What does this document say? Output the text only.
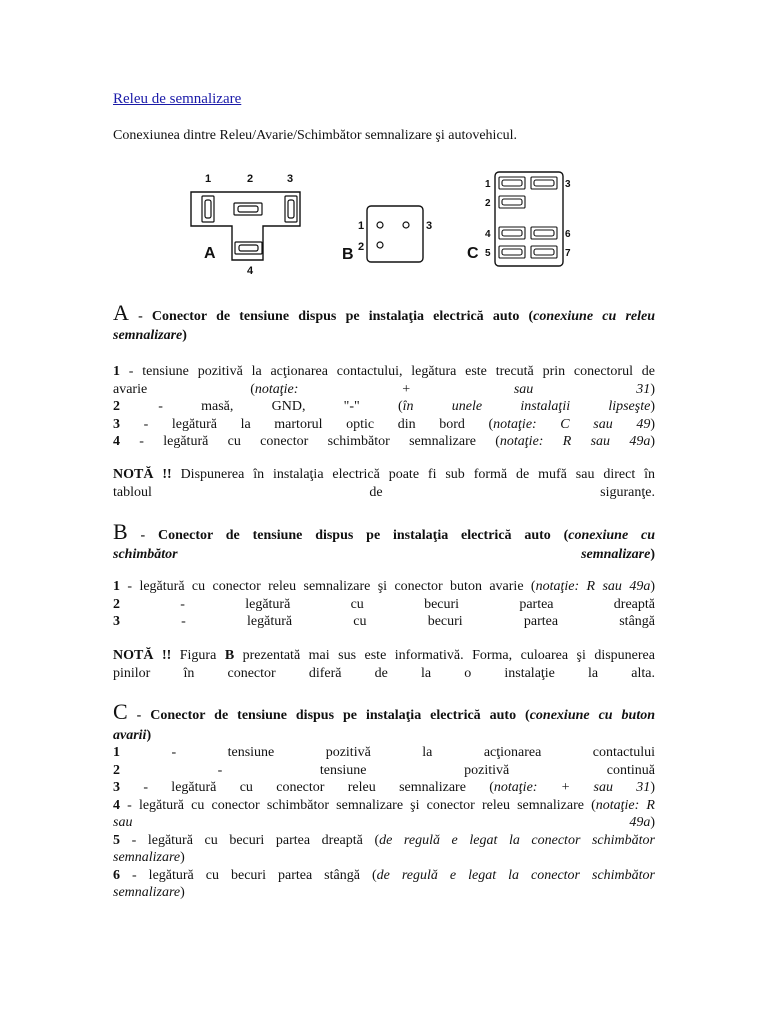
Releu de semnalizare
Conexiunea dintre Releu/Avarie/Schimbător semnalizare şi autovehicul.
1	2	3
4
A
1
2
3
B
1
2
3
4
5
6
7
C
A - Conector de tensiune dispus pe instalaţia electrică auto (conexiune cu releu
semnalizare)
1 - tensiune pozitivă la acţionarea contactului, legătura este trecută prin conectorul de
avarie (notaţie: + sau 31)
2 - masă, GND, "-" (în unele instalaţii lipseşte)
3 - legătură la martorul optic din bord (notaţie: C sau 49)
4 - legătură cu conector schimbător semnalizare (notaţie: R sau 49a)
NOTĂ !! Dispunerea în instalaţia electrică poate fi sub formă de mufă sau direct în
tabloul de siguranţe.
B - Conector de tensiune dispus pe instalaţia electrică auto (conexiune cu
schimbător semnalizare)
1 - legătură cu conector releu semnalizare şi conector buton avarie (notaţie: R sau 49a)
2 - legătură cu becuri partea dreaptă
3 - legătură cu becuri partea stângă
NOTĂ !! Figura B prezentată mai sus este informativă. Forma, culoarea şi dispunerea
pinilor în conector diferă de la o instalaţie la alta.
C - Conector de tensiune dispus pe instalaţia electrică auto (conexiune cu buton
avarii)
1 - tensiune pozitivă la acţionarea contactului
2 - tensiune pozitivă continuă
3 - legătură cu conector releu semnalizare (notaţie: + sau 31)
4 - legătură cu conector schimbător semnalizare şi conector releu semnalizare (notaţie: R
sau 49a)
5 - legătură cu becuri partea dreaptă (de regulă e legat la conector schimbător
semnalizare)
6 - legătură cu becuri partea stângă (de regulă e legat la conector schimbător
semnalizare)
